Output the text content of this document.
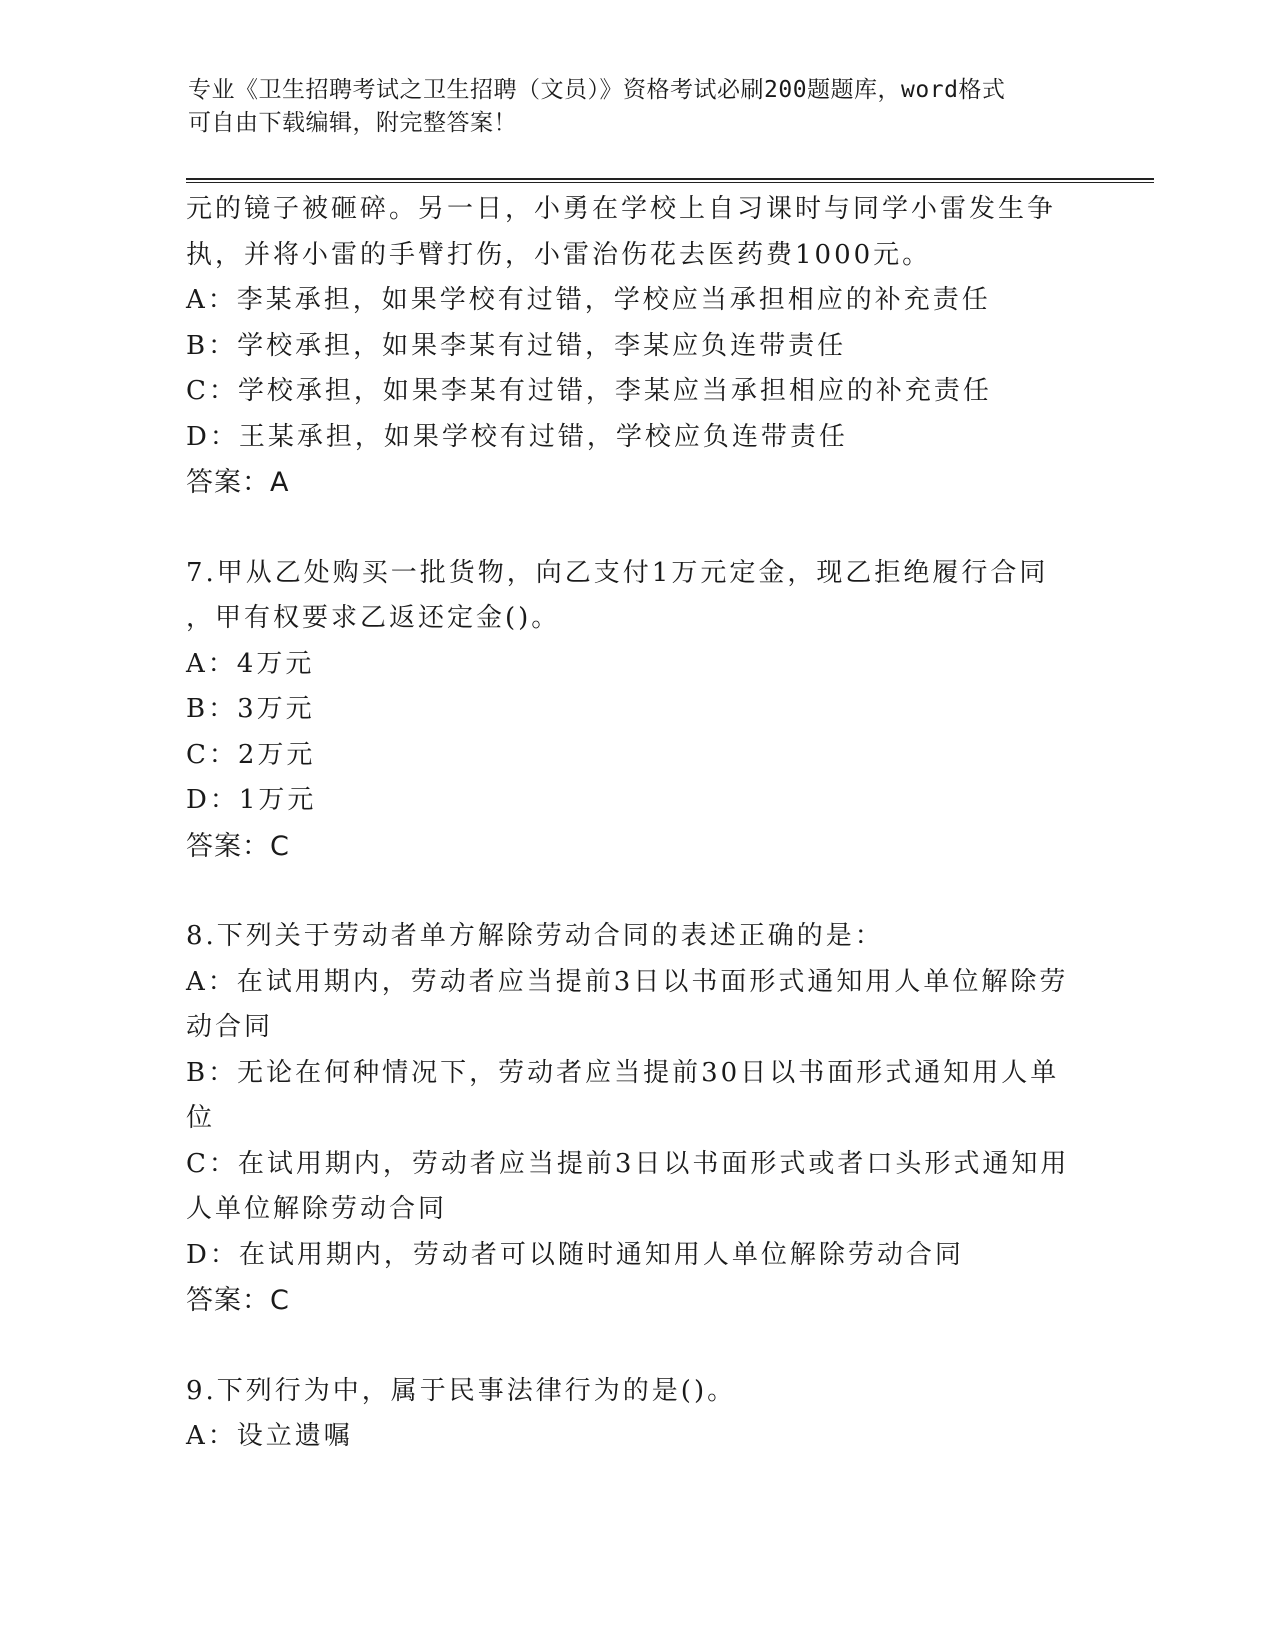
专业《卫生招聘考试之卫生招聘（文员）》资格考试必刷200题题库，word格式
可自由下载编辑，附完整答案！
元的镜子被砸碎。另一日，小勇在学校上自习课时与同学小雷发生争
执，并将小雷的手臂打伤，小雷治伤花去医药费1000元。
A：李某承担，如果学校有过错，学校应当承担相应的补充责任
B：学校承担，如果李某有过错，李某应负连带责任
C：学校承担，如果李某有过错，李某应当承担相应的补充责任
D：王某承担，如果学校有过错，学校应负连带责任
答案：A
7.甲从乙处购买一批货物，向乙支付1万元定金，现乙拒绝履行合同
，甲有权要求乙返还定金()。
A：4万元
B：3万元
C：2万元
D：1万元
答案：C
8.下列关于劳动者单方解除劳动合同的表述正确的是：
A：在试用期内，劳动者应当提前3日以书面形式通知用人单位解除劳
动合同
B：无论在何种情况下，劳动者应当提前30日以书面形式通知用人单
位
C：在试用期内，劳动者应当提前3日以书面形式或者口头形式通知用
人单位解除劳动合同
D：在试用期内，劳动者可以随时通知用人单位解除劳动合同
答案：C
9.下列行为中，属于民事法律行为的是()。
A：设立遗嘱
